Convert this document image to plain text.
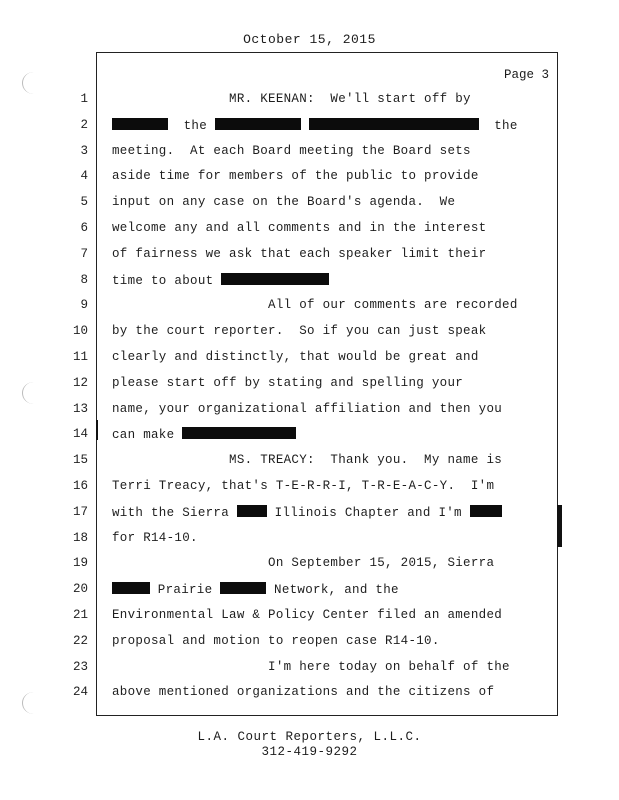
October 15, 2015
Page 3
1 MR. KEENAN:  We'll start off by
2	the	the
3 meeting.  At each Board meeting the Board sets
4 aside time for members of the public to provide
5 input on any case on the Board's agenda.  We
6 welcome any and all comments and in the interest
7 of fairness we ask that each speaker limit their
8 time to about
9 All of our comments are recorded
10 by the court reporter.  So if you can just speak
11 clearly and distinctly, that would be great and
12 please start off by stating and spelling your
13 name, your organizational affiliation and then you
14 can make
15 MS. TREACY:  Thank you.  My name is
16 Terri Treacy, that's T-E-R-R-I, T-R-E-A-C-Y.  I'm
17 with the Sierra  Illinois Chapter and I'm
18 for R14-10.
19 On September 15, 2015, Sierra
20	Prairie	Network, and the
21 Environmental Law & Policy Center filed an amended
22 proposal and motion to reopen case R14-10.
23 I'm here today on behalf of the
24 above mentioned organizations and the citizens of
L.A. Court Reporters, L.L.C.
312-419-9292
